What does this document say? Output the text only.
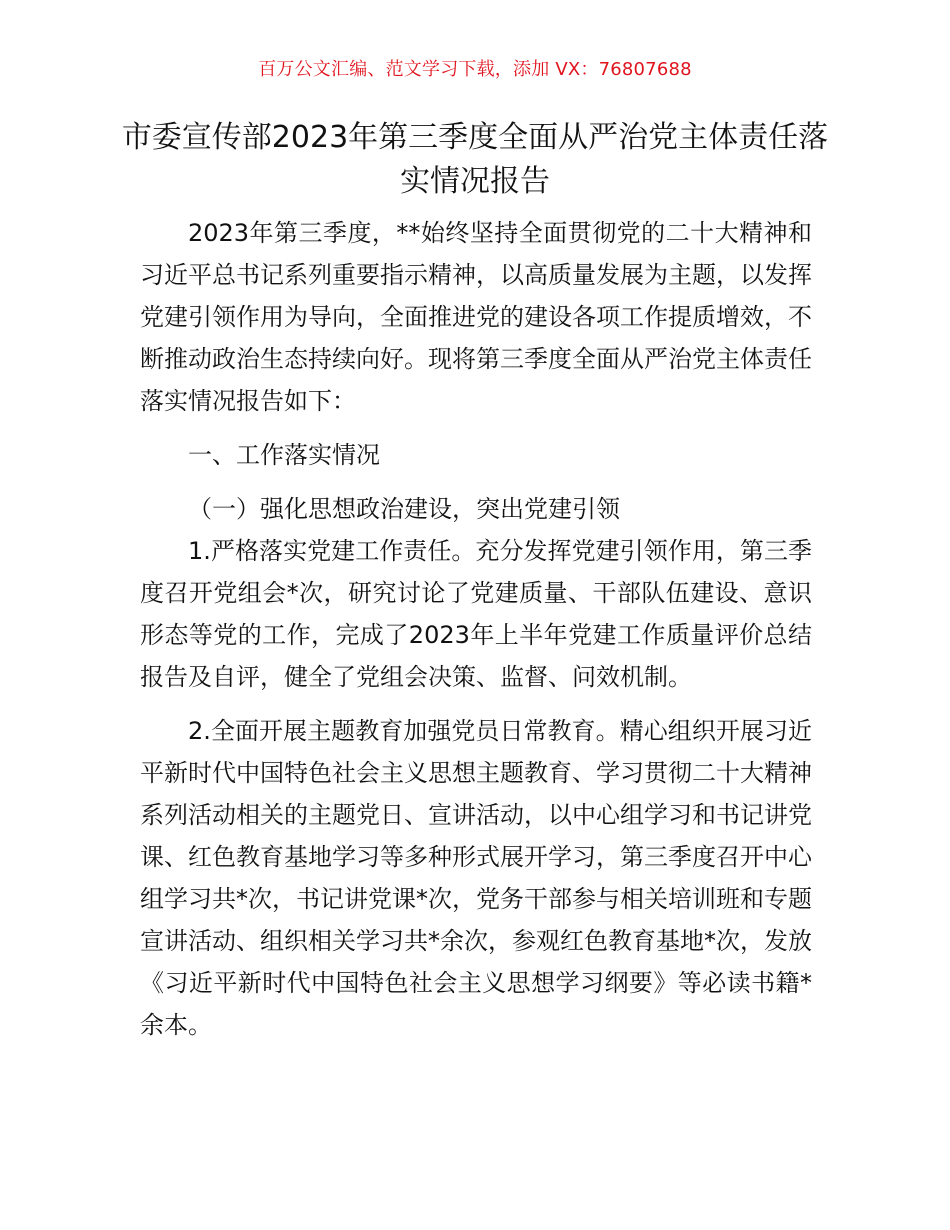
百万公文汇编、范文学习下载，添加 VX：76807688
市委宣传部2023年第三季度全面从严治党主体责任落实情况报告

2023年第三季度，**始终坚持全面贯彻党的二十大精神和习近平总书记系列重要指示精神，以高质量发展为主题，以发挥党建引领作用为导向，全面推进党的建设各项工作提质增效，不断推动政治生态持续向好。现将第三季度全面从严治党主体责任落实情况报告如下：

一、工作落实情况

（一）强化思想政治建设，突出党建引领

1.严格落实党建工作责任。充分发挥党建引领作用，第三季度召开党组会*次，研究讨论了党建质量、干部队伍建设、意识形态等党的工作，完成了2023年上半年党建工作质量评价总结报告及自评，健全了党组会决策、监督、问效机制。

2.全面开展主题教育加强党员日常教育。精心组织开展习近平新时代中国特色社会主义思想主题教育、学习贯彻二十大精神系列活动相关的主题党日、宣讲活动，以中心组学习和书记讲党课、红色教育基地学习等多种形式展开学习，第三季度召开中心组学习共*次，书记讲党课*次，党务干部参与相关培训班和专题宣讲活动、组织相关学习共*余次，参观红色教育基地*次，发放《习近平新时代中国特色社会主义思想学习纲要》等必读书籍*余本。
